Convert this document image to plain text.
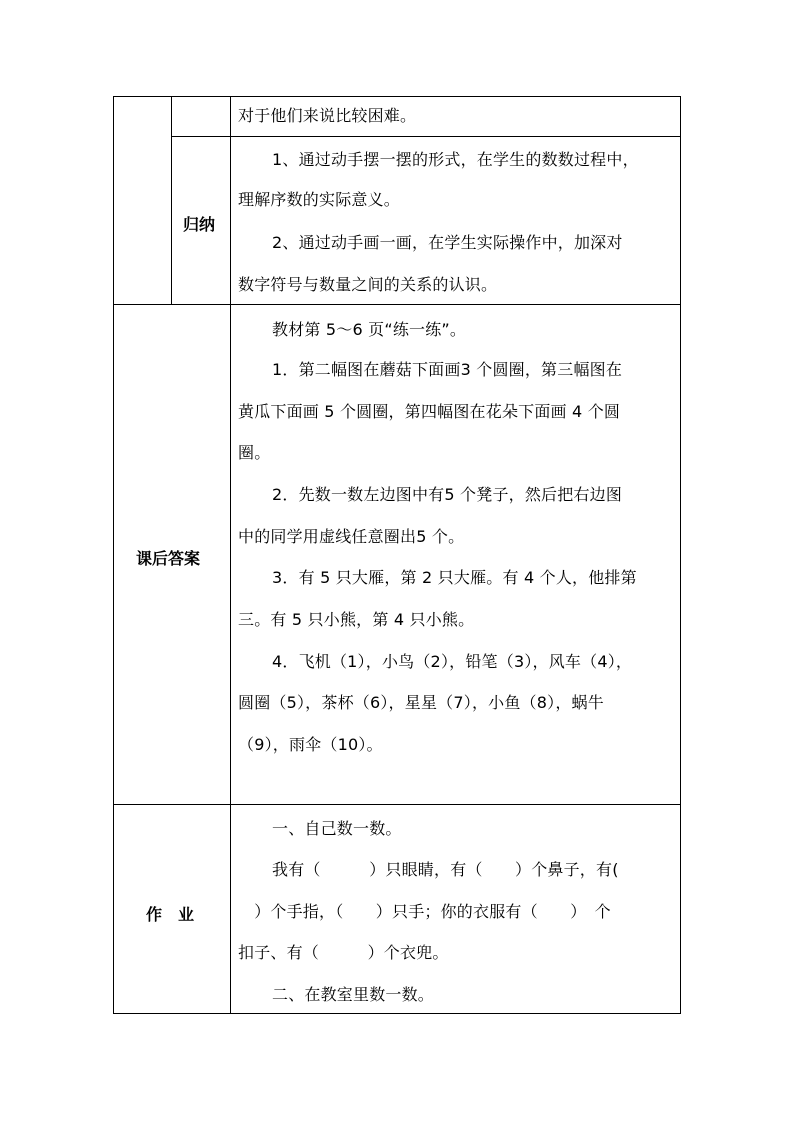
对于他们来说比较困难。
归纳
1、通过动手摆一摆的形式，在学生的数数过程中，
理解序数的实际意义。
2、通过动手画一画，在学生实际操作中，加深对
数字符号与数量之间的关系的认识。
课后答案
教材第 5～6 页“练一练”。
1．第二幅图在蘑菇下面画3 个圆圈，第三幅图在
黄瓜下面画 5 个圆圈，第四幅图在花朵下面画 4 个圆
圈。
2．先数一数左边图中有5 个凳子，然后把右边图
中的同学用虚线任意圈出5 个。
3．有 5 只大雁，第 2 只大雁。有 4 个人，他排第
三。有 5 只小熊，第 4 只小熊。
4．飞机（1），小鸟（2），铅笔（3），风车（4），
圆圈（5），茶杯（6），星星（7），小鱼（8），蜗牛
（9），雨伞（10）。
作　业
一、自己数一数。
我有（　　　）只眼睛，有（　　）个鼻子，有(
　）个手指，（　　）只手；你的衣服有（　　）　个
扣子、有（　　　）个衣兜。
二、在教室里数一数。
